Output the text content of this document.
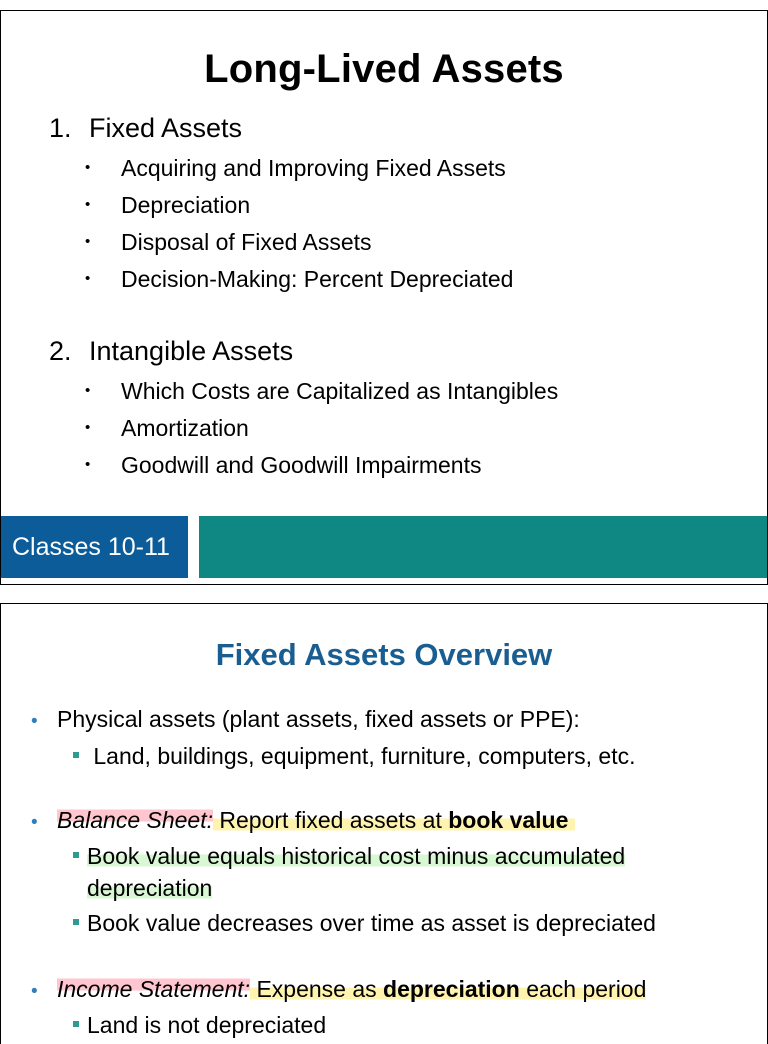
Long-Lived Assets
1. Fixed Assets
• Acquiring and Improving Fixed Assets
• Depreciation
• Disposal of Fixed Assets
• Decision-Making: Percent Depreciated
2. Intangible Assets
• Which Costs are Capitalized as Intangibles
• Amortization
• Goodwill and Goodwill Impairments
Classes 10-11
Fixed Assets Overview
• Physical assets (plant assets, fixed assets or PPE):
Land, buildings, equipment, furniture, computers, etc.
• Balance Sheet: Report fixed assets at book value
Book value equals historical cost minus accumulated
depreciation
Book value decreases over time as asset is depreciated
• Income Statement: Expense as depreciation each period
Land is not depreciated
